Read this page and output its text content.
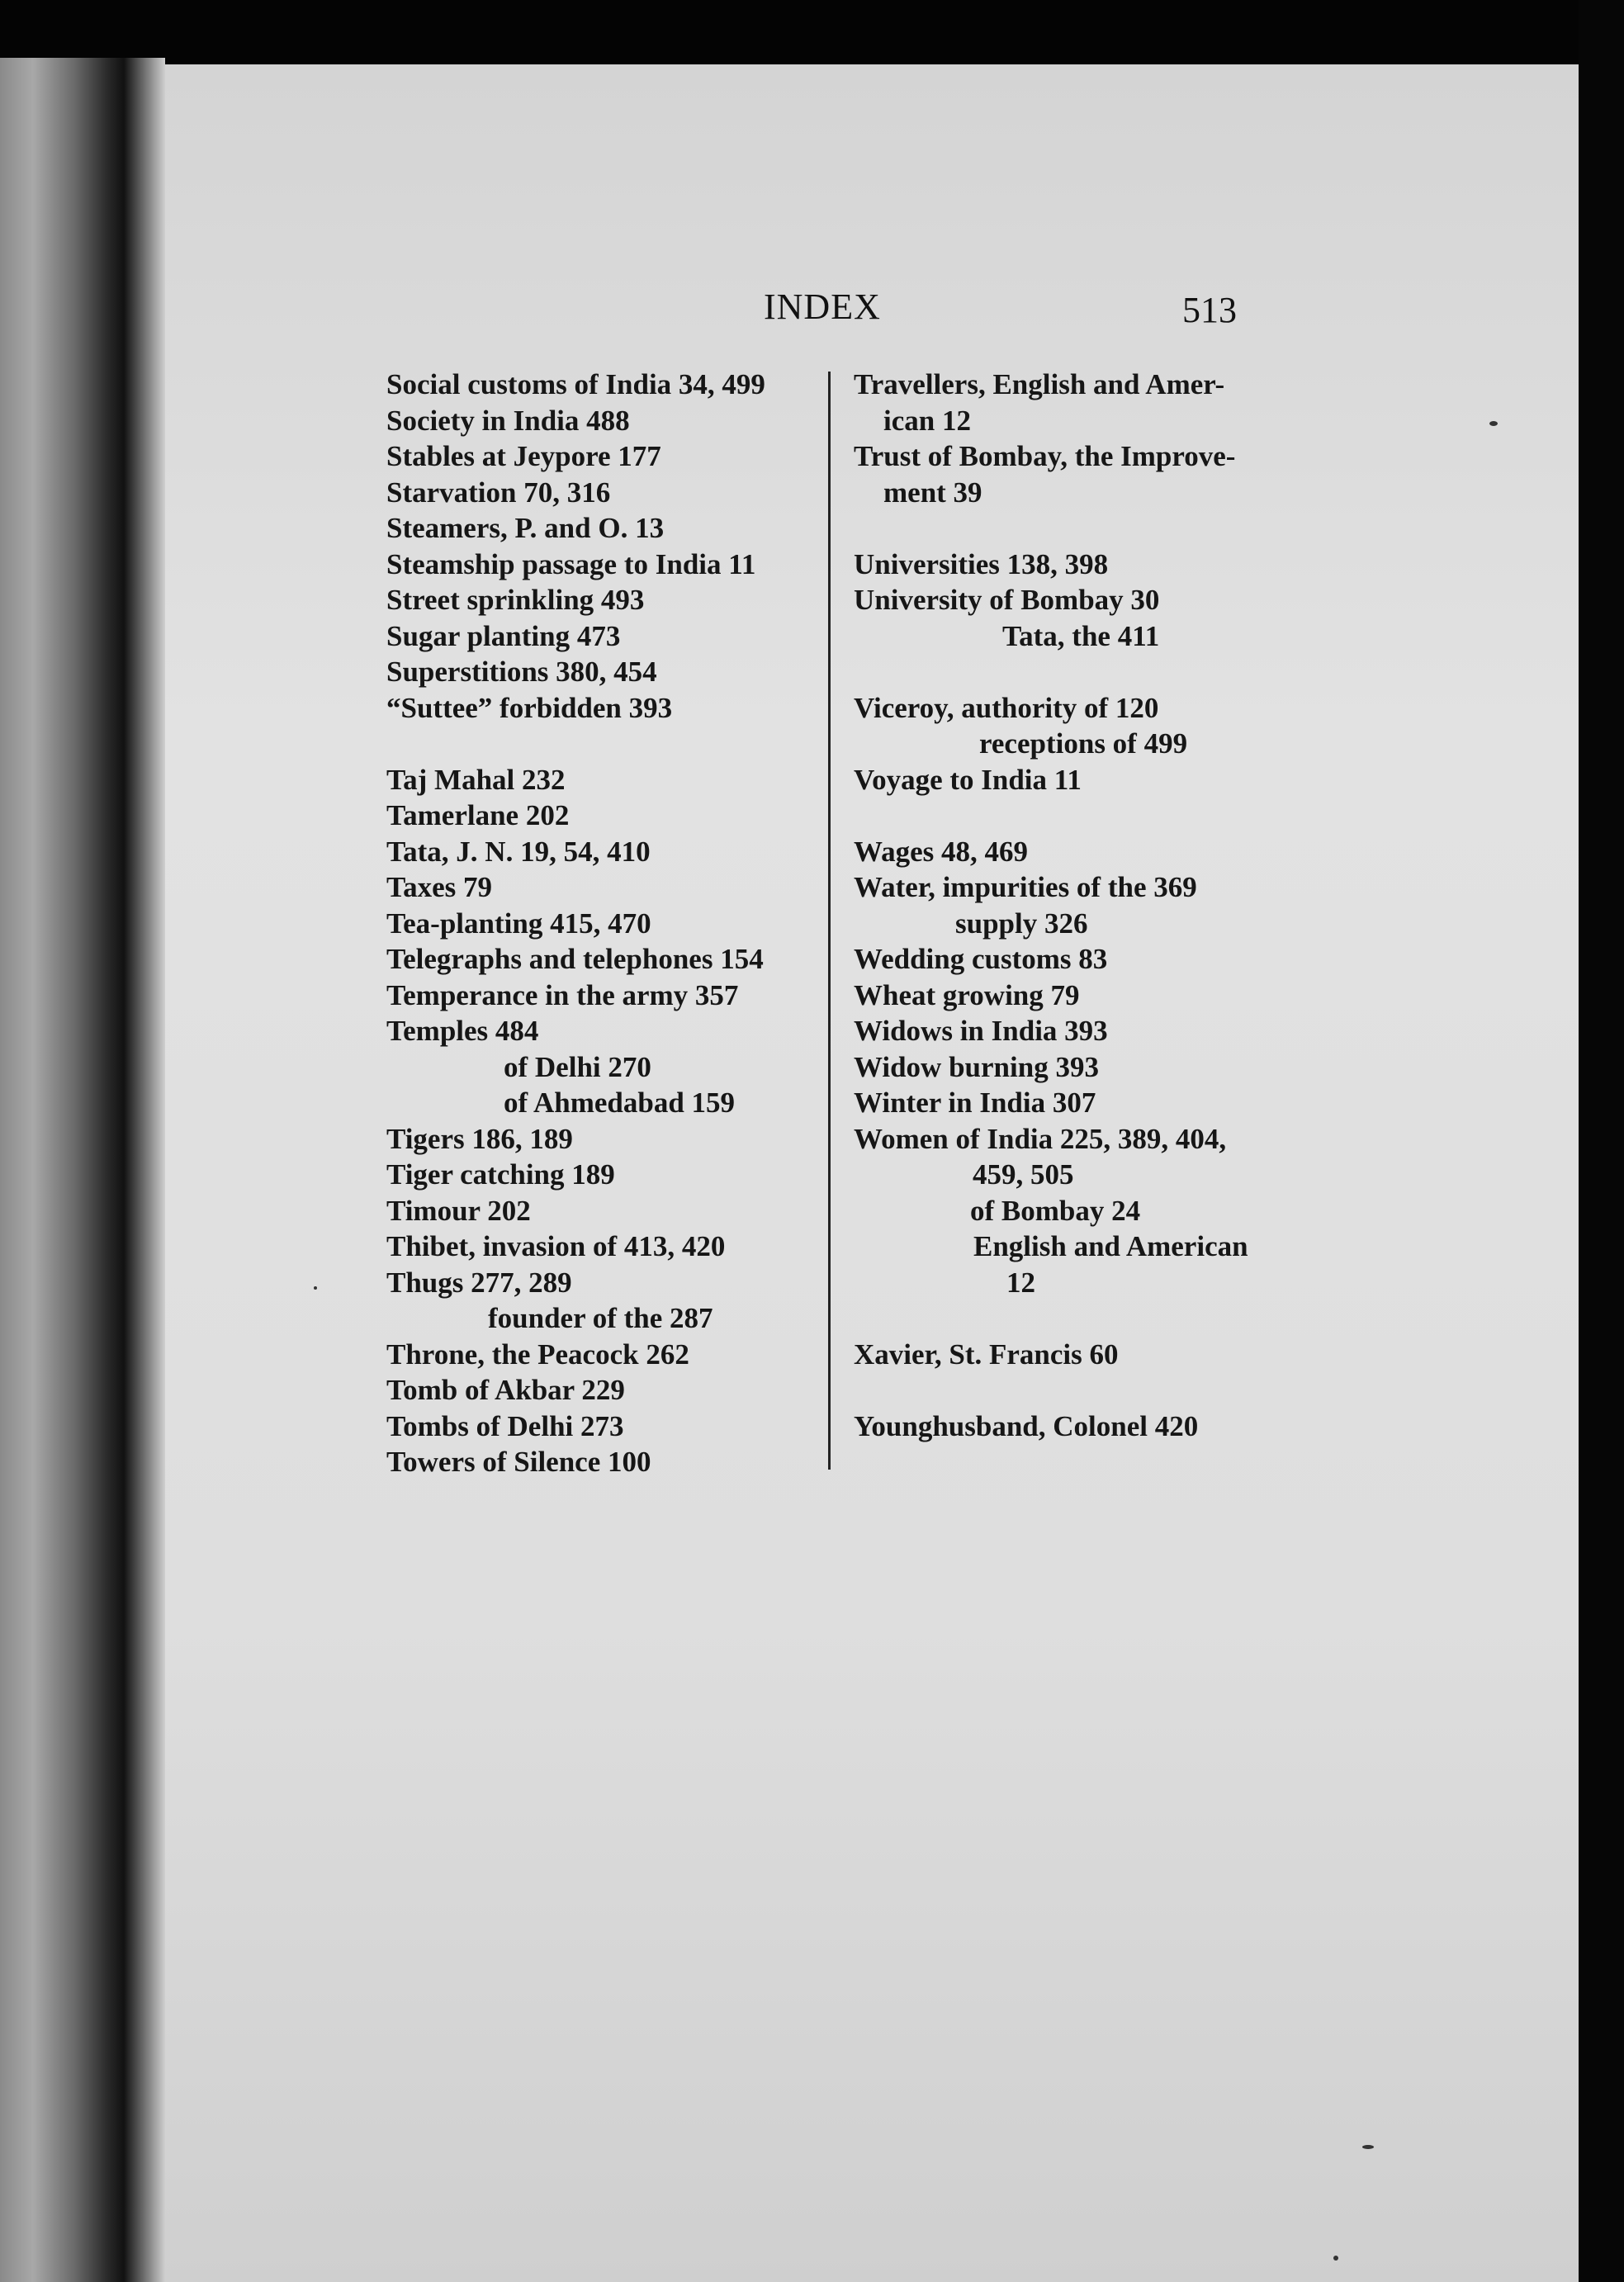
INDEX	513
Social customs of India 34, 499
Society in India 488
Stables at Jeypore 177
Starvation 70, 316
Steamers, P. and O. 13
Steamship passage to India 11
Street sprinkling 493
Sugar planting 473
Superstitions 380, 454
“Suttee” forbidden 393
Taj Mahal 232
Tamerlane 202
Tata, J. N. 19, 54, 410
Taxes 79
Tea-planting 415, 470
Telegraphs and telephones 154
Temperance in the army 357
Temples 484
of Delhi 270
of Ahmedabad 159
Tigers 186, 189
Tiger catching 189
Timour 202
Thibet, invasion of 413, 420
Thugs 277, 289
founder of the 287
Throne, the Peacock 262
Tomb of Akbar 229
Tombs of Delhi 273
Towers of Silence 100
Travellers, English and Amer-
ican 12
Trust of Bombay, the Improve-
ment 39
Universities 138, 398
University of Bombay 30
Tata, the 411
Viceroy, authority of 120
receptions of 499
Voyage to India 11
Wages 48, 469
Water, impurities of the 369
supply 326
Wedding customs 83
Wheat growing 79
Widows in India 393
Widow burning 393
Winter in India 307
Women of India 225, 389, 404,
459, 505
of Bombay 24
English and American
12
Xavier, St. Francis 60
Younghusband, Colonel 420
